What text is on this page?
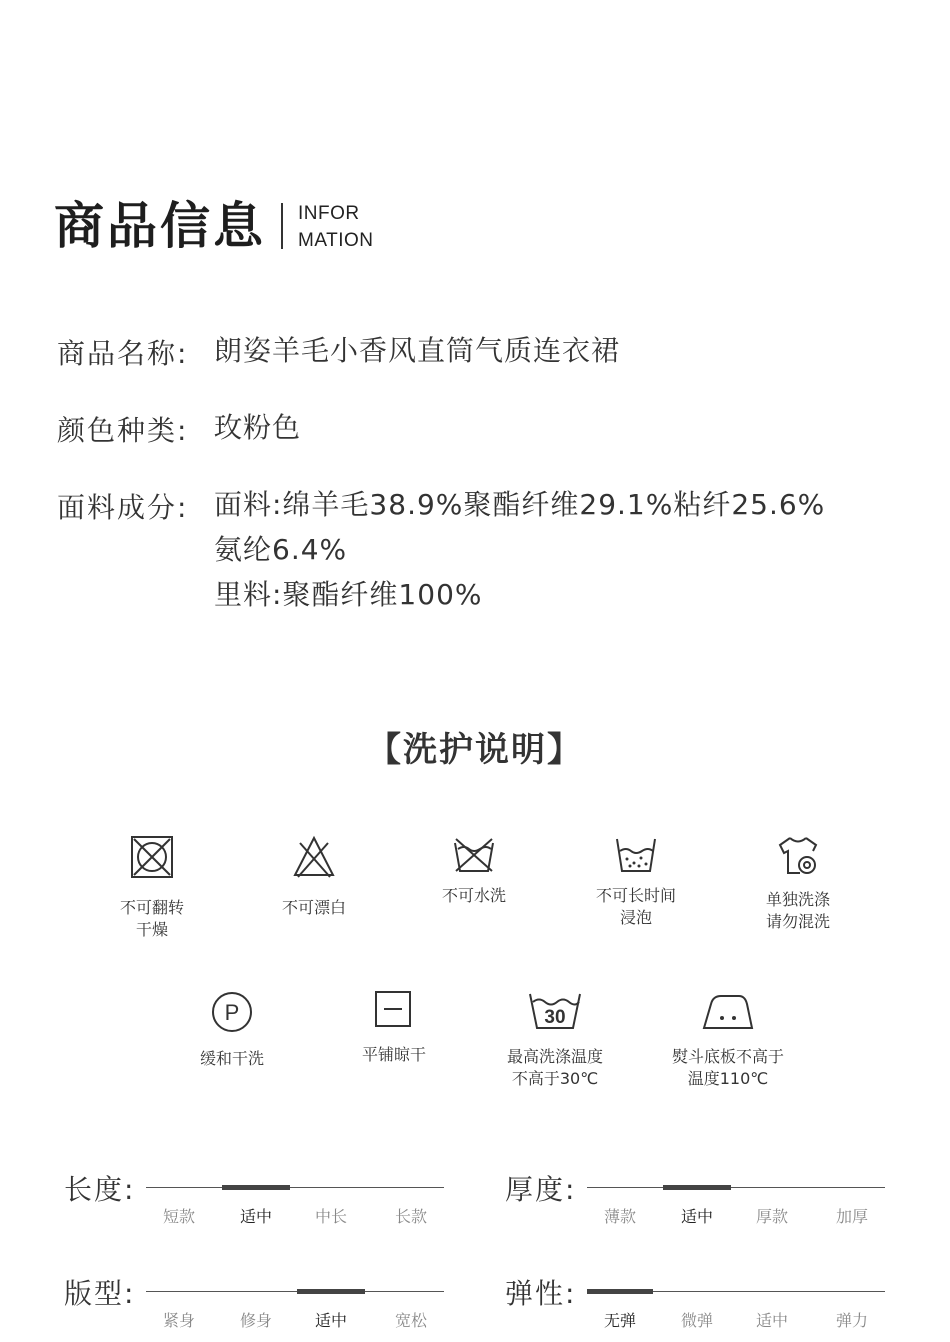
商品信息 INFOR
MATION
商品名称: 朗姿羊毛小香风直筒气质连衣裙
颜色种类: 玫粉色
面料成分: 面料:绵羊毛38.9%聚酯纤维29.1%粘纤25.6%
氨纶6.4%
里料:聚酯纤维100%
【洗护说明】
不可翻转
干燥
不可漂白
不可水洗	不可长时间
浸泡
单独洗涤
请勿混洗
P
缓和干洗	平铺晾干
30
最高洗涤温度
不高于30℃
熨斗底板不高于
温度110℃
长度:
短款	适中	中长	长款
厚度:
薄款	适中	厚款	加厚
版型:
紧身	修身	适中	宽松
弹性:
无弹	微弹	适中	弹力
